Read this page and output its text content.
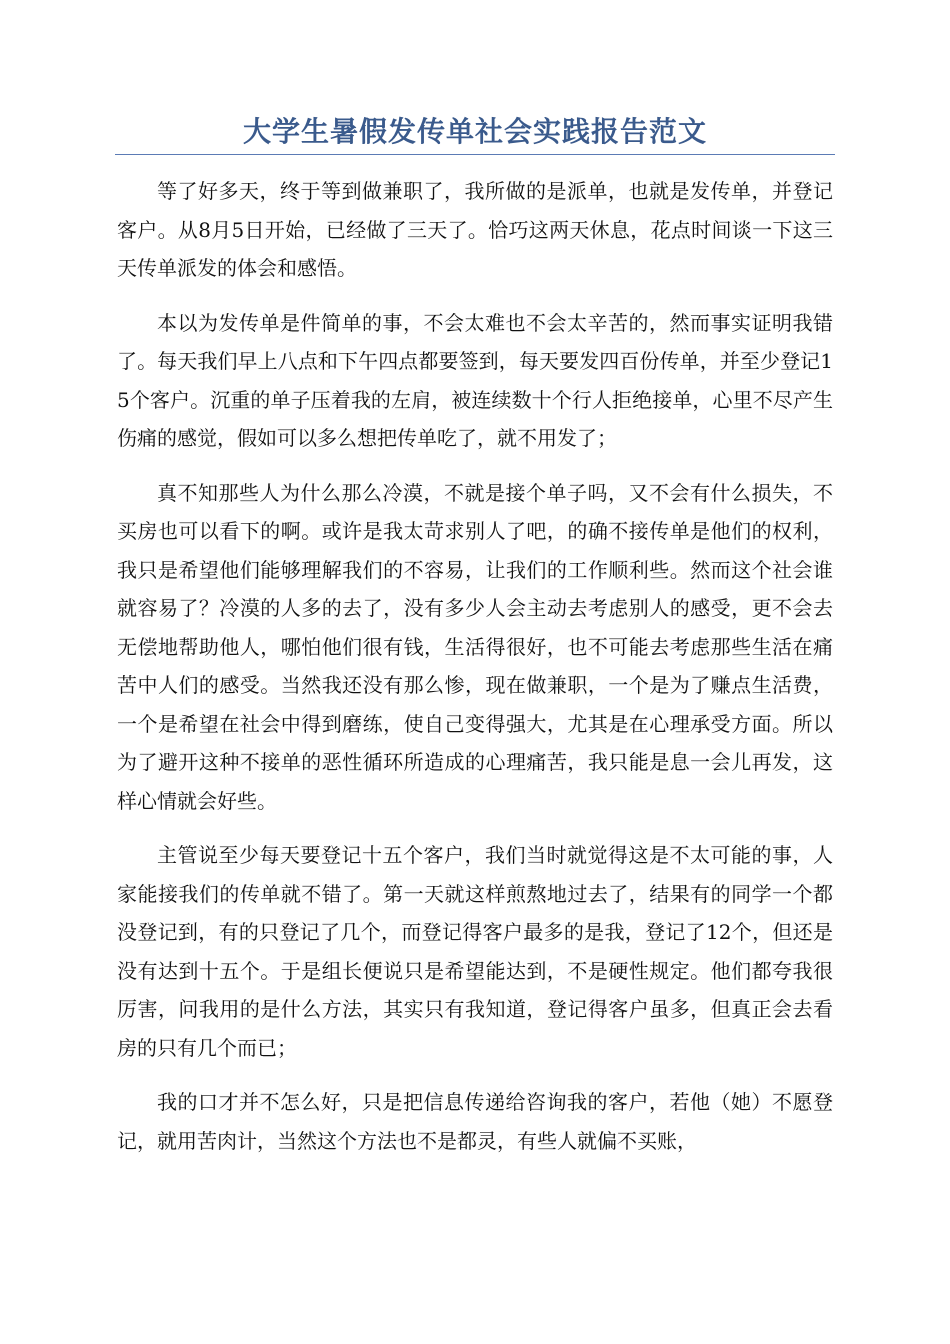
大学生暑假发传单社会实践报告范文

等了好多天，终于等到做兼职了，我所做的是派单，也就是发传单，并登记客户。从8月5日开始，已经做了三天了。恰巧这两天休息，花点时间谈一下这三天传单派发的体会和感悟。

本以为发传单是件简单的事，不会太难也不会太辛苦的，然而事实证明我错了。每天我们早上八点和下午四点都要签到，每天要发四百份传单，并至少登记15个客户。沉重的单子压着我的左肩，被连续数十个行人拒绝接单，心里不尽产生伤痛的感觉，假如可以多么想把传单吃了，就不用发了；

真不知那些人为什么那么冷漠，不就是接个单子吗，又不会有什么损失，不买房也可以看下的啊。或许是我太苛求别人了吧，的确不接传单是他们的权利，我只是希望他们能够理解我们的不容易，让我们的工作顺利些。然而这个社会谁就容易了？冷漠的人多的去了，没有多少人会主动去考虑别人的感受，更不会去无偿地帮助他人，哪怕他们很有钱，生活得很好，也不可能去考虑那些生活在痛苦中人们的感受。当然我还没有那么惨，现在做兼职，一个是为了赚点生活费，一个是希望在社会中得到磨练，使自己变得强大，尤其是在心理承受方面。所以为了避开这种不接单的恶性循环所造成的心理痛苦，我只能是息一会儿再发，这样心情就会好些。

主管说至少每天要登记十五个客户，我们当时就觉得这是不太可能的事，人家能接我们的传单就不错了。第一天就这样煎熬地过去了，结果有的同学一个都没登记到，有的只登记了几个，而登记得客户最多的是我，登记了12个，但还是没有达到十五个。于是组长便说只是希望能达到，不是硬性规定。他们都夸我很厉害，问我用的是什么方法，其实只有我知道，登记得客户虽多，但真正会去看房的只有几个而已；

我的口才并不怎么好，只是把信息传递给咨询我的客户，若他（她）不愿登记，就用苦肉计，当然这个方法也不是都灵，有些人就偏不买账，
